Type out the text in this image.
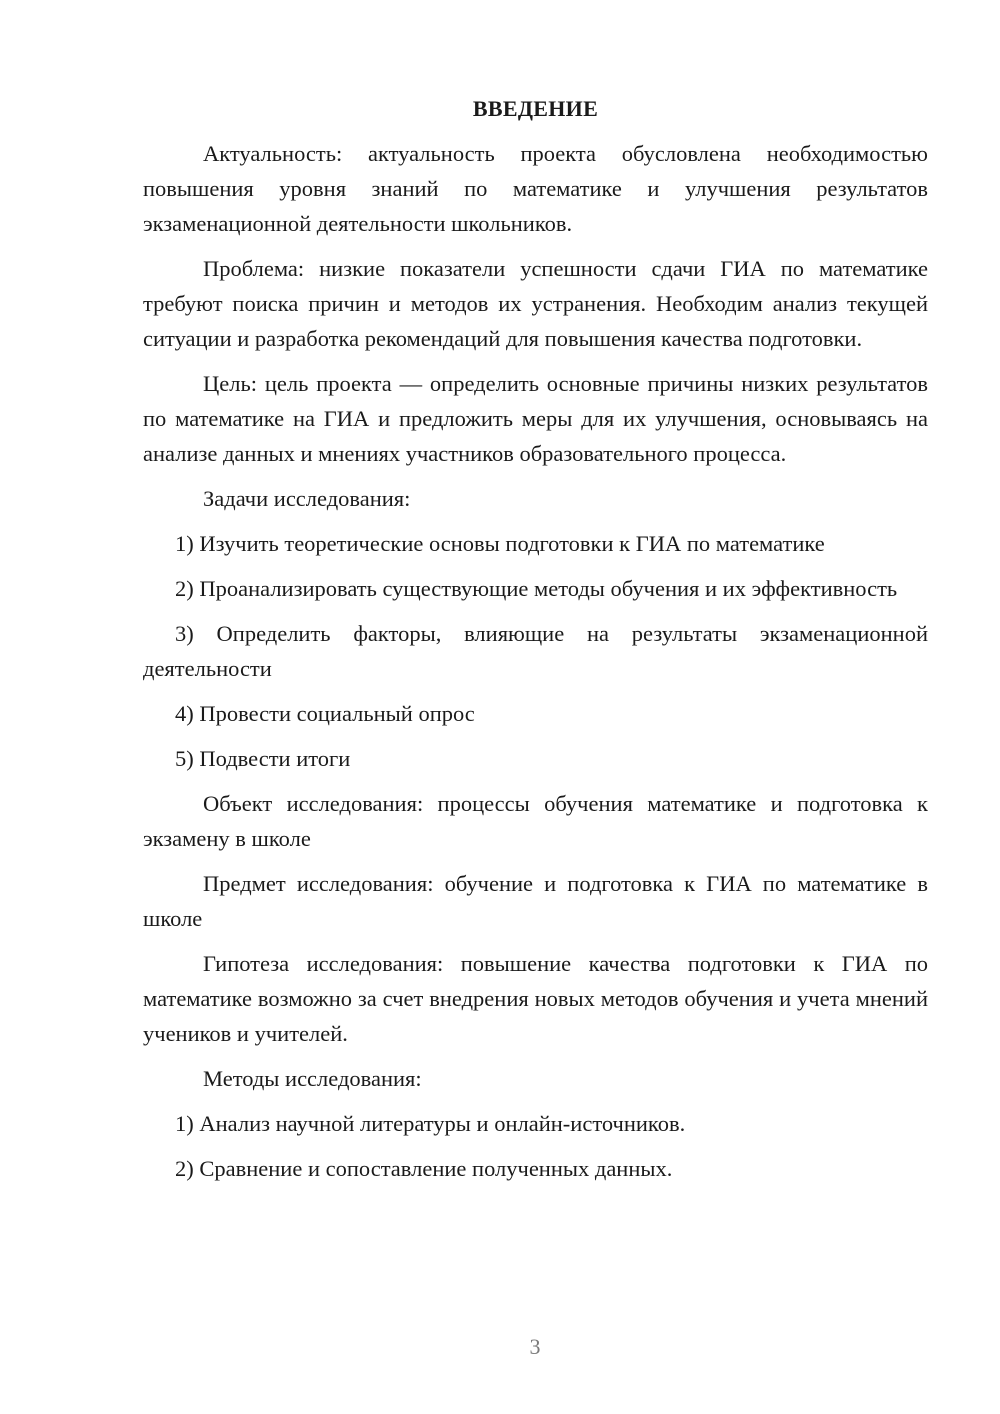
ВВЕДЕНИЕ

Актуальность: актуальность проекта обусловлена необходимостью повышения уровня знаний по математике и улучшения результатов экзаменационной деятельности школьников.

Проблема: низкие показатели успешности сдачи ГИА по математике требуют поиска причин и методов их устранения. Необходим анализ текущей ситуации и разработка рекомендаций для повышения качества подготовки.

Цель: цель проекта — определить основные причины низких результатов по математике на ГИА и предложить меры для их улучшения, основываясь на анализе данных и мнениях участников образовательного процесса.

Задачи исследования:

1) Изучить теоретические основы подготовки к ГИА по математике

2) Проанализировать существующие методы обучения и их эффективность

3) Определить факторы, влияющие на результаты экзаменационной деятельности

4) Провести социальный опрос

5) Подвести итоги

Объект исследования: процессы обучения математике и подготовка к экзамену в школе

Предмет исследования: обучение и подготовка к ГИА по математике в школе

Гипотеза исследования: повышение качества подготовки к ГИА по математике возможно за счет внедрения новых методов обучения и учета мнений учеников и учителей.

Методы исследования:

1) Анализ научной литературы и онлайн-источников.

2) Сравнение и сопоставление полученных данных.

3
